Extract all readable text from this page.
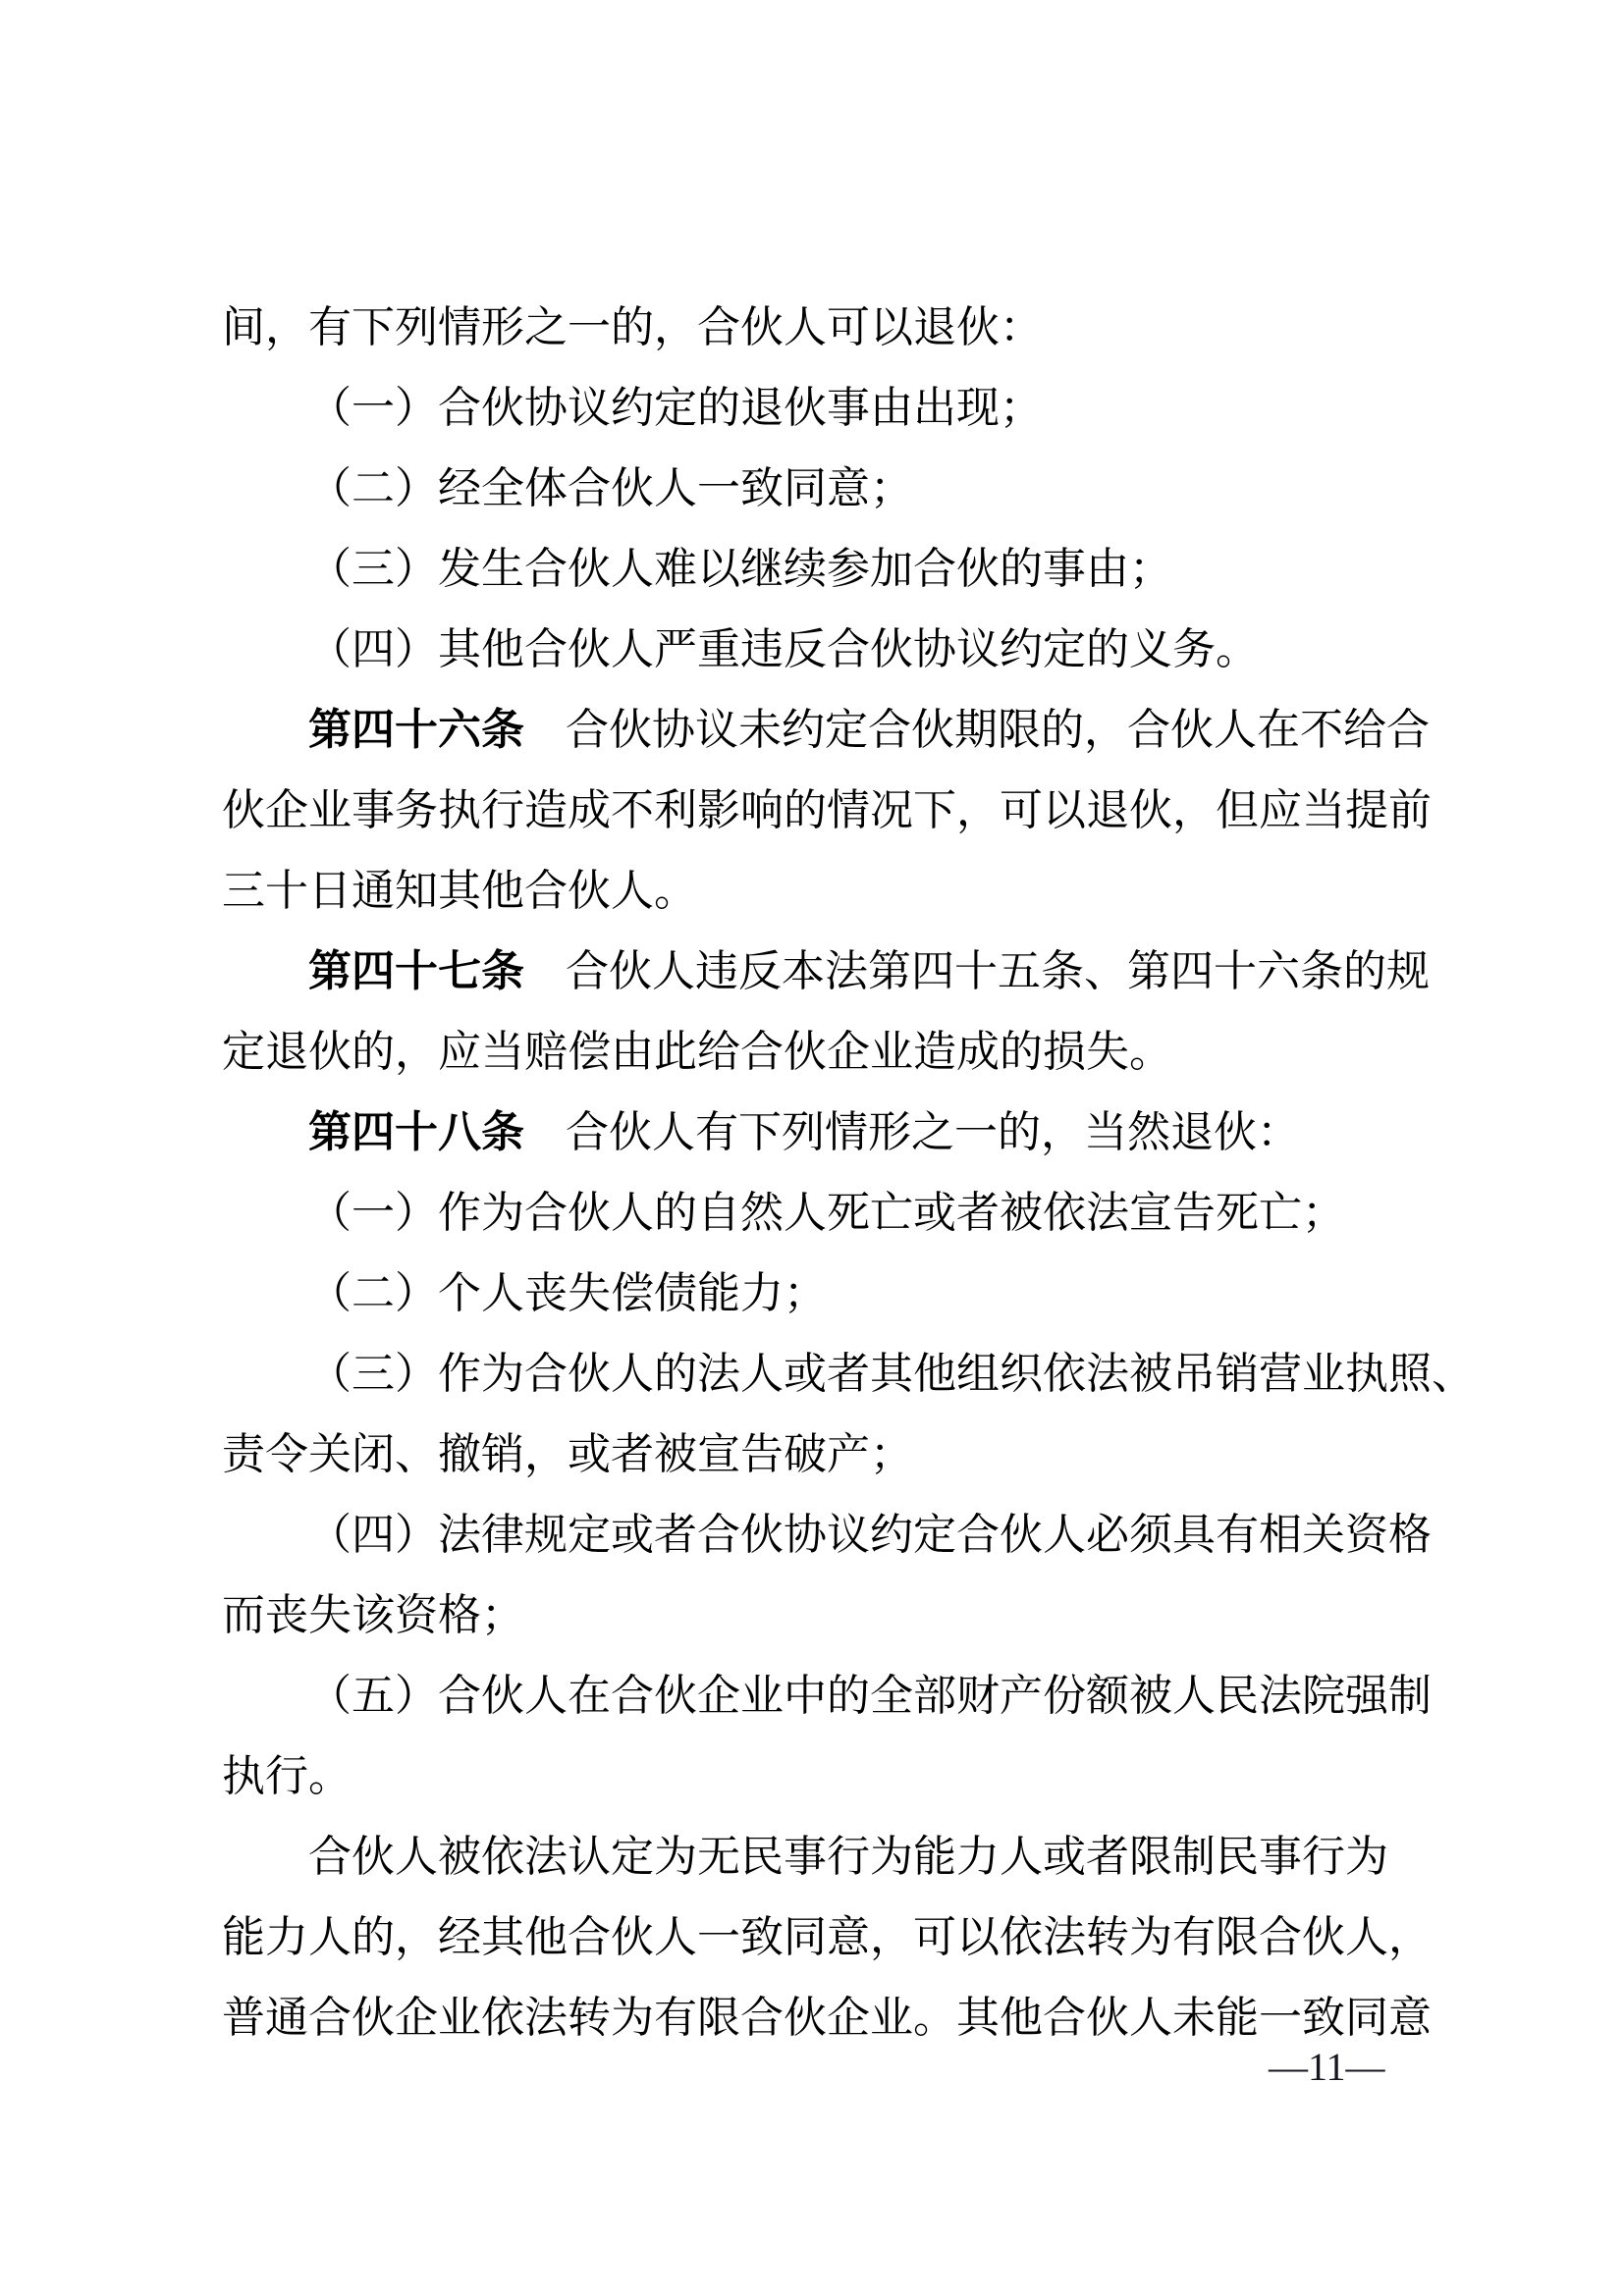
间，有下列情形之一的，合伙人可以退伙：
（一）合伙协议约定的退伙事由出现；
（二）经全体合伙人一致同意；
（三）发生合伙人难以继续参加合伙的事由；
（四）其他合伙人严重违反合伙协议约定的义务。
第四十六条 合伙协议未约定合伙期限的，合伙人在不给合
伙企业事务执行造成不利影响的情况下，可以退伙，但应当提前
三十日通知其他合伙人。
第四十七条 合伙人违反本法第四十五条、第四十六条的规
定退伙的，应当赔偿由此给合伙企业造成的损失。
第四十八条 合伙人有下列情形之一的，当然退伙：
（一）作为合伙人的自然人死亡或者被依法宣告死亡；
（二）个人丧失偿债能力；
（三）作为合伙人的法人或者其他组织依法被吊销营业执照、
责令关闭、撤销，或者被宣告破产；
（四）法律规定或者合伙协议约定合伙人必须具有相关资格
而丧失该资格；
（五）合伙人在合伙企业中的全部财产份额被人民法院强制
执行。
合伙人被依法认定为无民事行为能力人或者限制民事行为
能力人的，经其他合伙人一致同意，可以依法转为有限合伙人，
普通合伙企业依法转为有限合伙企业。其他合伙人未能一致同意
—11—
